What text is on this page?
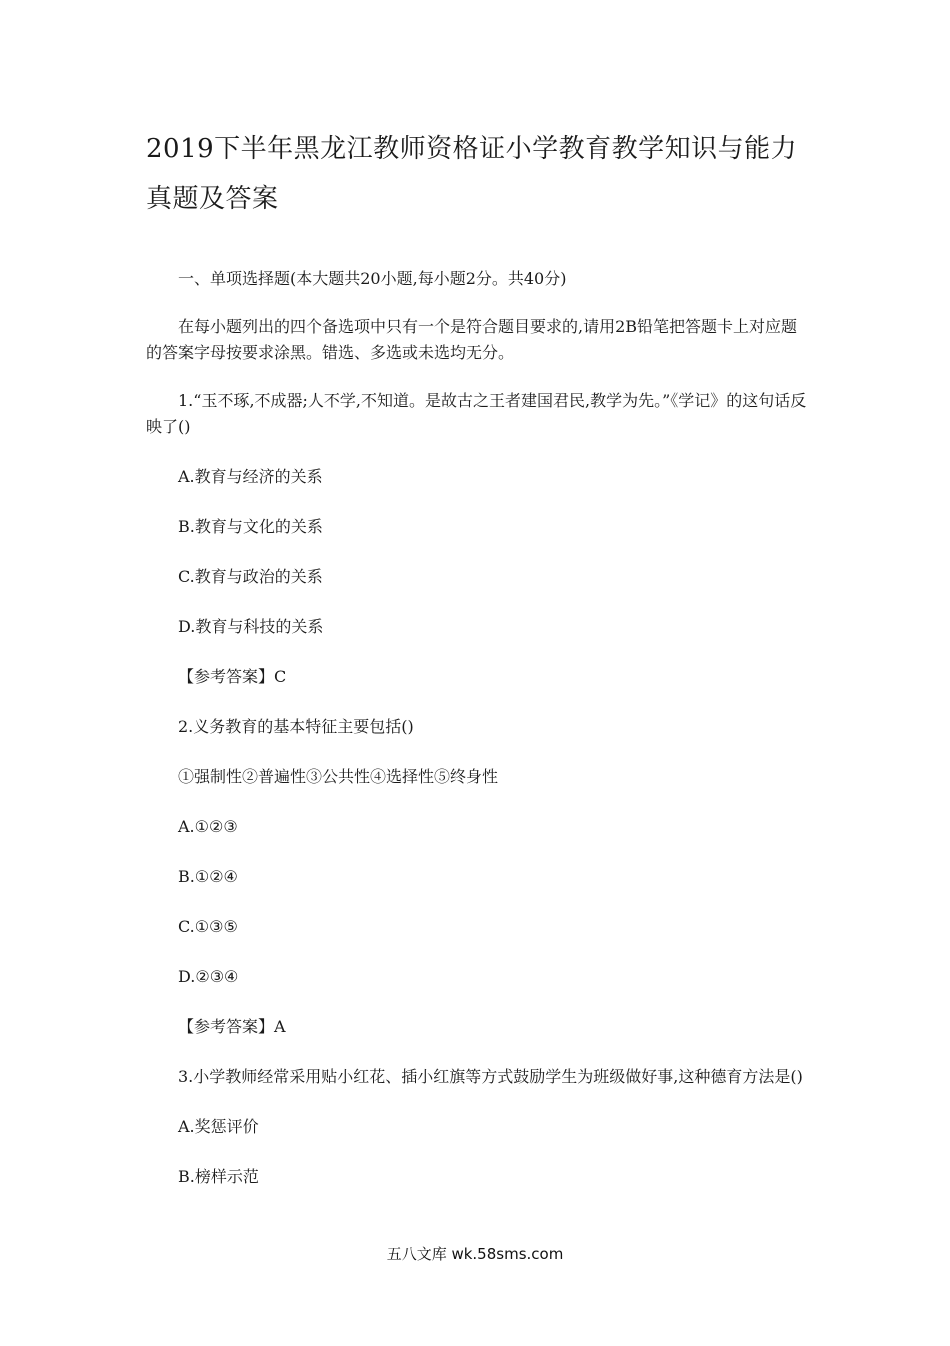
2019下半年黑龙江教师资格证小学教育教学知识与能力真题及答案

一、单项选择题(本大题共20小题,每小题2分。共40分)

在每小题列出的四个备选项中只有一个是符合题目要求的,请用2B铅笔把答题卡上对应题的答案字母按要求涂黑。错选、多选或未选均无分。

1.“玉不琢,不成器;人不学,不知道。是故古之王者建国君民,教学为先。”《学记》的这句话反映了()

A.教育与经济的关系

B.教育与文化的关系

C.教育与政治的关系

D.教育与科技的关系

【参考答案】C

2.义务教育的基本特征主要包括()

①强制性②普遍性③公共性④选择性⑤终身性

A.①②③

B.①②④

C.①③⑤

D.②③④

【参考答案】A

3.小学教师经常采用贴小红花、插小红旗等方式鼓励学生为班级做好事,这种德育方法是()

A.奖惩评价

B.榜样示范

五八文库 wk.58sms.com
